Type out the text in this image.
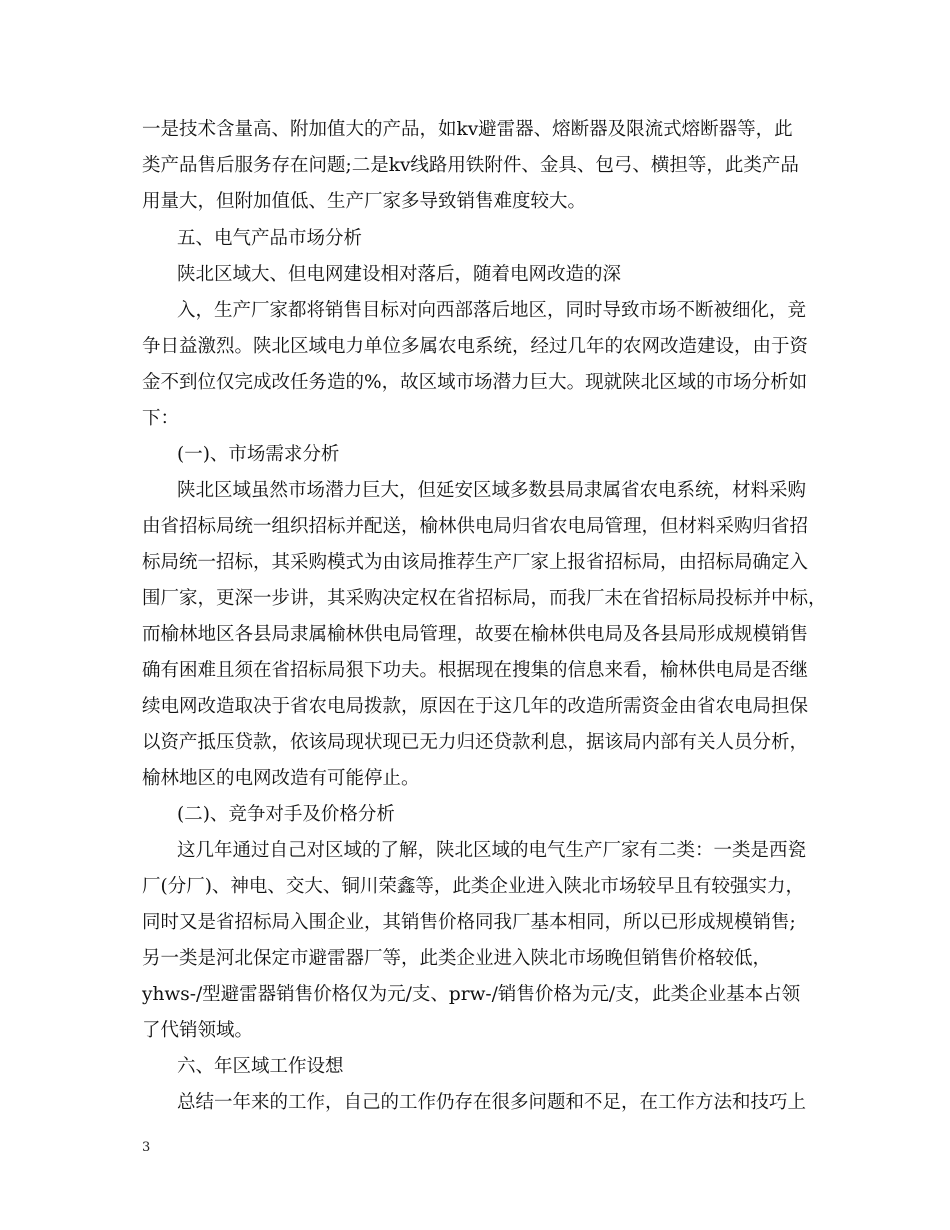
一是技术含量高、附加值大的产品，如kv避雷器、熔断器及限流式熔断器等，此
类产品售后服务存在问题;二是kv线路用铁附件、金具、包弓、横担等，此类产品
用量大，但附加值低、生产厂家多导致销售难度较大。
五、电气产品市场分析
陕北区域大、但电网建设相对落后，随着电网改造的深
入，生产厂家都将销售目标对向西部落后地区，同时导致市场不断被细化，竞
争日益激烈。陕北区域电力单位多属农电系统，经过几年的农网改造建设，由于资
金不到位仅完成改任务造的%，故区域市场潜力巨大。现就陕北区域的市场分析如
下：
(一)、市场需求分析
陕北区域虽然市场潜力巨大，但延安区域多数县局隶属省农电系统，材料采购
由省招标局统一组织招标并配送，榆林供电局归省农电局管理，但材料采购归省招
标局统一招标，其采购模式为由该局推荐生产厂家上报省招标局，由招标局确定入
围厂家，更深一步讲，其采购决定权在省招标局，而我厂未在省招标局投标并中标，
而榆林地区各县局隶属榆林供电局管理，故要在榆林供电局及各县局形成规模销售
确有困难且须在省招标局狠下功夫。根据现在搜集的信息来看，榆林供电局是否继
续电网改造取决于省农电局拨款，原因在于这几年的改造所需资金由省农电局担保
以资产抵压贷款，依该局现状现已无力归还贷款利息，据该局内部有关人员分析，
榆林地区的电网改造有可能停止。
(二)、竞争对手及价格分析
这几年通过自己对区域的了解，陕北区域的电气生产厂家有二类：一类是西瓷
厂(分厂)、神电、交大、铜川荣鑫等，此类企业进入陕北市场较早且有较强实力，
同时又是省招标局入围企业，其销售价格同我厂基本相同，所以已形成规模销售;
另一类是河北保定市避雷器厂等，此类企业进入陕北市场晚但销售价格较低，
yhws-/型避雷器销售价格仅为元/支、prw-/销售价格为元/支，此类企业基本占领
了代销领域。
六、年区域工作设想
总结一年来的工作，自己的工作仍存在很多问题和不足，在工作方法和技巧上
3
